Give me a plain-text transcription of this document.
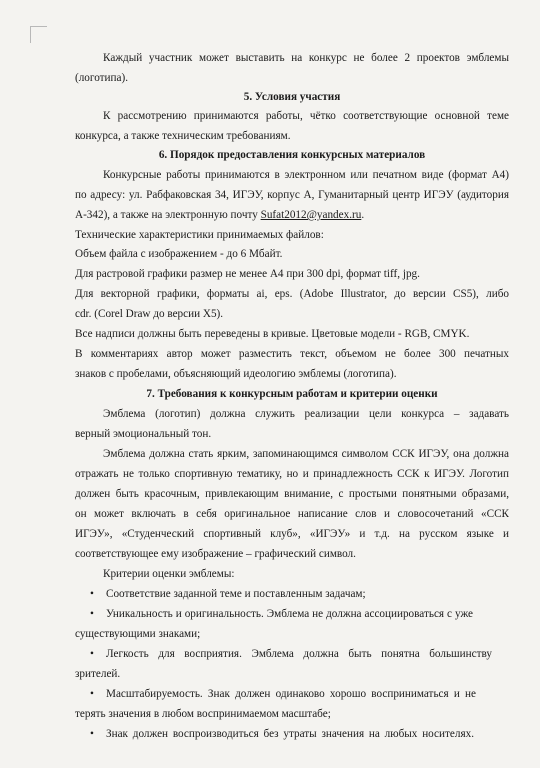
Каждый участник может выставить на конкурс не более 2 проектов эмблемы
(логотипа).
5. Условия участия
К рассмотрению принимаются работы, чётко соответствующие основной теме
конкурса, а также техническим требованиям.
6. Порядок предоставления конкурсных материалов
Конкурсные работы принимаются в электронном или печатном виде (формат А4)
по адресу: ул. Рабфаковская 34, ИГЭУ, корпус А, Гуманитарный центр ИГЭУ (аудитория
А-342), а также на электронную почту Sufat2012@yandex.ru.
Технические характеристики принимаемых файлов:
Объем файла с изображением - до 6 Мбайт.
Для растровой графики размер не менее А4 при 300 dpi, формат tiff, jpg.
Для векторной графики, форматы ai, eps. (Adobe Illustrator, до версии CS5), либо
cdr. (Corel Draw до версии X5).
Все надписи должны быть переведены в кривые. Цветовые модели - RGB, CMYK.
В комментариях автор может разместить текст, объемом не более 300 печатных
знаков с пробелами, объясняющий идеологию эмблемы (логотипа).
7. Требования к конкурсным работам и критерии оценки
Эмблема (логотип) должна служить реализации цели конкурса – задавать
верный эмоциональный тон.
Эмблема должна стать ярким, запоминающимся символом ССК ИГЭУ, она должна
отражать не только спортивную тематику, но и принадлежность ССК к ИГЭУ. Логотип
должен быть красочным, привлекающим внимание, с простыми понятными образами,
он может включать в себя оригинальное написание слов и словосочетаний «ССК
ИГЭУ», «Студенческий спортивный клуб», «ИГЭУ» и т.д. на русском языке и
соответствующее ему изображение – графический символ.
Критерии оценки эмблемы:
• Соответствие заданной теме и поставленным задачам;
• Уникальность и оригинальность. Эмблема не должна ассоциироваться с уже
существующими знаками;
• Легкость для восприятия. Эмблема должна быть понятна большинству
зрителей.
• Масштабируемость. Знак должен одинаково хорошо восприниматься и не
терять значения в любом воспринимаемом масштабе;
• Знак должен воспроизводиться без утраты значения на любых носителях.
